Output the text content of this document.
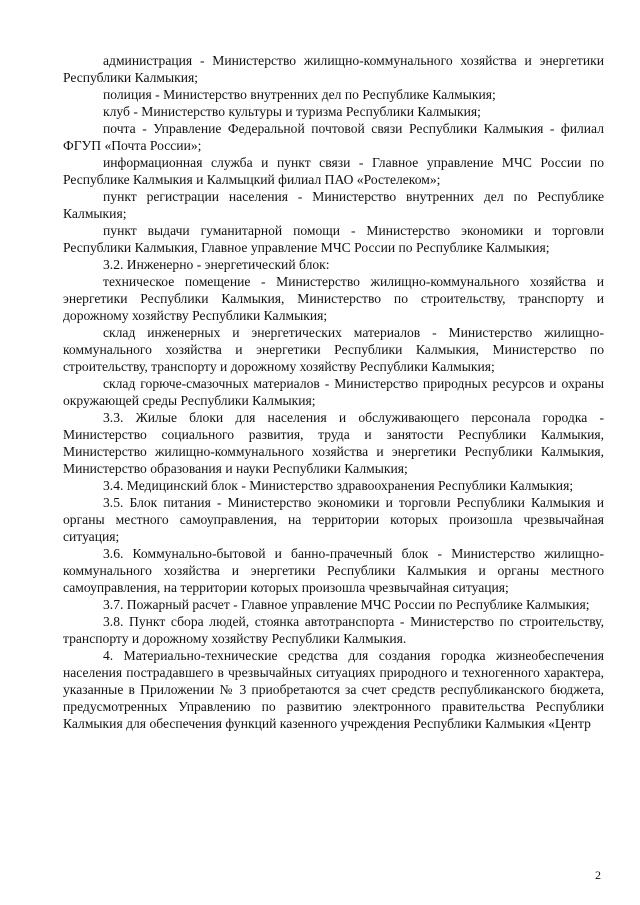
администрация - Министерство жилищно-коммунального хозяйства и энергетики Республики Калмыкия;

полиция - Министерство внутренних дел по Республике Калмыкия;

клуб - Министерство культуры и туризма Республики Калмыкия;

почта - Управление Федеральной почтовой связи Республики Калмыкия - филиал ФГУП «Почта России»;

информационная служба и пункт связи - Главное управление МЧС России по Республике Калмыкия и Калмыцкий филиал ПАО «Ростелеком»;

пункт регистрации населения - Министерство внутренних дел по Республике Калмыкия;

пункт выдачи гуманитарной помощи - Министерство экономики и торговли Республики Калмыкия, Главное управление МЧС России по Республике Калмыкия;

3.2. Инженерно - энергетический блок:

техническое помещение - Министерство жилищно-коммунального хозяйства и энергетики Республики Калмыкия, Министерство по строительству, транспорту и дорожному хозяйству Республики Калмыкия;

склад инженерных и энергетических материалов - Министерство жилищно-коммунального хозяйства и энергетики Республики Калмыкия, Министерство по строительству, транспорту и дорожному хозяйству Республики Калмыкия;

склад горюче-смазочных материалов - Министерство природных ресурсов и охраны окружающей среды Республики Калмыкия;

3.3. Жилые блоки для населения и обслуживающего персонала городка - Министерство социального развития, труда и занятости Республики Калмыкия, Министерство жилищно-коммунального хозяйства и энергетики Республики Калмыкия, Министерство образования и науки Республики Калмыкия;

3.4. Медицинский блок - Министерство здравоохранения Республики Калмыкия;

3.5. Блок питания - Министерство экономики и торговли Республики Калмыкия и органы местного самоуправления, на территории которых произошла чрезвычайная ситуация;

3.6. Коммунально-бытовой и банно-прачечный блок - Министерство жилищно-коммунального хозяйства и энергетики Республики Калмыкия и органы местного самоуправления, на территории которых произошла чрезвычайная ситуация;

3.7. Пожарный расчет - Главное управление МЧС России по Республике Калмыкия;

3.8. Пункт сбора людей, стоянка автотранспорта - Министерство по строительству, транспорту и дорожному хозяйству Республики Калмыкия.

4. Материально-технические средства для создания городка жизнеобеспечения населения пострадавшего в чрезвычайных ситуациях природного и техногенного характера, указанные в Приложении № 3 приобретаются за счет средств республиканского бюджета, предусмотренных Управлению по развитию электронного правительства Республики Калмыкия для обеспечения функций казенного учреждения Республики Калмыкия «Центр

2
